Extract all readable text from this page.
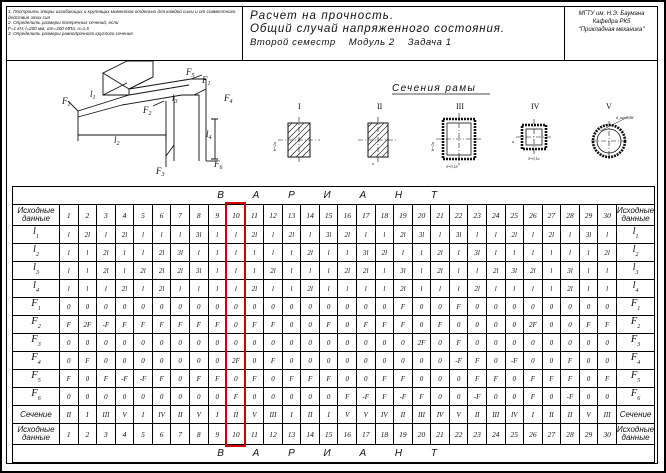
1. Построить эпюры изгибающих и крутящих моментов отдельно для каждой силы и от совместного действия этих сил
2. Определить размеры поперечных сечений, если
F=1 кН; l=200 мм; σт=300 МПа; n=1,5
3. Определить размеры равнопрочного круглого сечения
Расчет на прочность.
Общий случай напряженного состояния.
Второй семестр    Модуль 2    Задача 1
МГТУ им. Н.Э. Баумана
Кафедра РК5
"Прикладная механика"
$F_1$
$F_1$
$F_2$
$F_3$
$F_4$
$F_6$
$F_5$
$l_1$
$l_2$
$l_3$
$l_4$
Сечения рамы
I
b=2a
II
a
III
b=2a
δ=0,1b
IV
a
δ=0,1a
V
d_вн=0,8d
В А Р И А Н Т																															
Исходные данные	1	2	3	4	5	6	7	8	9	10	11	12	13	14	15	16	17	18	19	20	21	22	23	24	25	26	27	28	29	30	Исходные данные
$l_1$	l	2l	l	2l	l	l	l	3l	l	l	2l	l	2l	l	3l	2l	l	l	2l	3l	l	3l	l	l	2l	l	2l	l	3l	l	$l_1$
$l_2$	l	l	2l	l	l	2l	3l	l	l	l	l	l	l	2l	l	l	3l	2l	l	l	2l	l	3l	l	l	l	l	l	l	2l	$l_2$
$l_3$	l	l	2l	l	2l	2l	2l	3l	l	l	l	2l	l	l	l	2l	2l	l	3l	l	2l	l	l	2l	3l	2l	l	3l	l	l	$l_3$
$l_4$	l	l	l	2l	l	2l	l	l	l	l	2l	l	l	2l	l	l	l	l	2l	l	l	l	2l	l	l	l	l	2l	l	l	$l_4$
$F_1$	0	0	0	0	0	0	0	0	0	0	0	0	0	0	0	0	0	0	F	0	0	F	0	0	0	0	0	0	0	0	$F_1$
$F_2$	F	2F	-F	F	F	F	F	F	F	0	F	F	0	0	F	0	F	F	F	0	F	0	0	0	0	2F	0	0	F	F	$F_2$
$F_3$	0	0	0	0	0	0	0	0	0	0	0	0	0	0	0	0	0	0	0	2F	0	F	0	0	0	0	0	0	0	0	$F_3$
$F_4$	0	F	0	0	0	0	0	0	0	2F	0	F	0	0	0	0	0	0	0	0	0	-F	F	0	-F	0	0	F	0	0	$F_4$
$F_5$	F	0	F	-F	-F	F	0	F	F	0	F	0	F	F	F	0	0	F	F	0	0	0	F	F	0	F	F	F	0	F	$F_5$
$F_6$	0	0	0	0	0	0	0	0	0	F	0	0	0	0	0	F	-F	F	-F	F	0	0	-F	0	0	F	0	-F	0	0	$F_6$
Сечение	II	I	III	V	I	IV	II	V	I	II	V	III	I	II	I	V	V	IV	II	III	IV	V	II	III	IV	I	II	II	V	III	Сечение
Исходные данные	1	2	3	4	5	6	7	8	9	10	11	12	13	14	15	16	17	18	19	20	21	22	23	24	25	26	27	28	29	30	Исходные данные
В А Р И А Н Т																															
